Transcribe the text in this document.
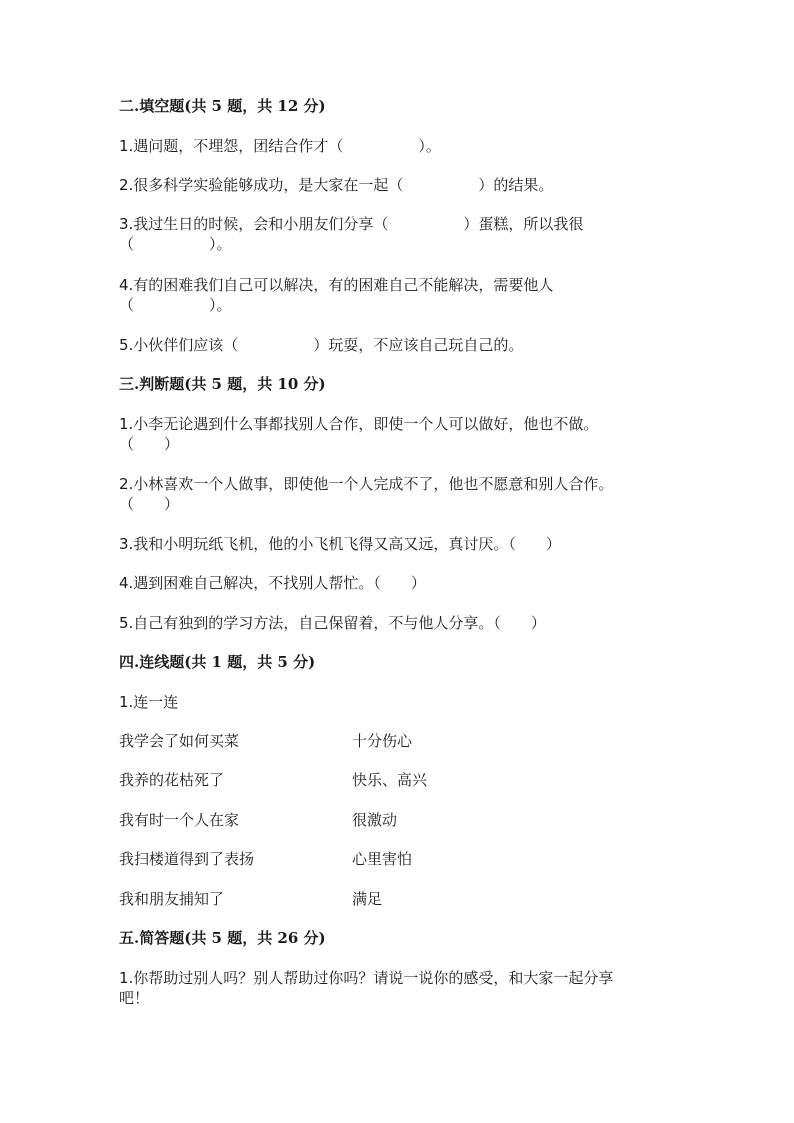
二.填空题(共 5 题，共 12 分)
1.遇问题，不埋怨，团结合作才（　　　　　）。
2.很多科学实验能够成功，是大家在一起（　　　　　）的结果。
3.我过生日的时候，会和小朋友们分享（　　　　　）蛋糕，所以我很
（　　　　　）。
4.有的困难我们自己可以解决，有的困难自己不能解决，需要他人
（　　　　　）。
5.小伙伴们应该（　　　　　）玩耍，不应该自己玩自己的。
三.判断题(共 5 题，共 10 分)
1.小李无论遇到什么事都找别人合作，即使一个人可以做好，他也不做。
（　　）
2.小林喜欢一个人做事，即使他一个人完成不了，他也不愿意和别人合作。
（　　）
3.我和小明玩纸飞机，他的小飞机飞得又高又远，真讨厌。（　　）
4.遇到困难自己解决，不找别人帮忙。（　　）
5.自己有独到的学习方法，自己保留着，不与他人分享。（　　）
四.连线题(共 1 题，共 5 分)
1.连一连
我学会了如何买菜	十分伤心
我养的花枯死了	快乐、高兴
我有时一个人在家	很激动
我扫楼道得到了表扬	心里害怕
我和朋友捕知了	满足
五.简答题(共 5 题，共 26 分)
1.你帮助过别人吗？别人帮助过你吗？请说一说你的感受，和大家一起分享
吧！
